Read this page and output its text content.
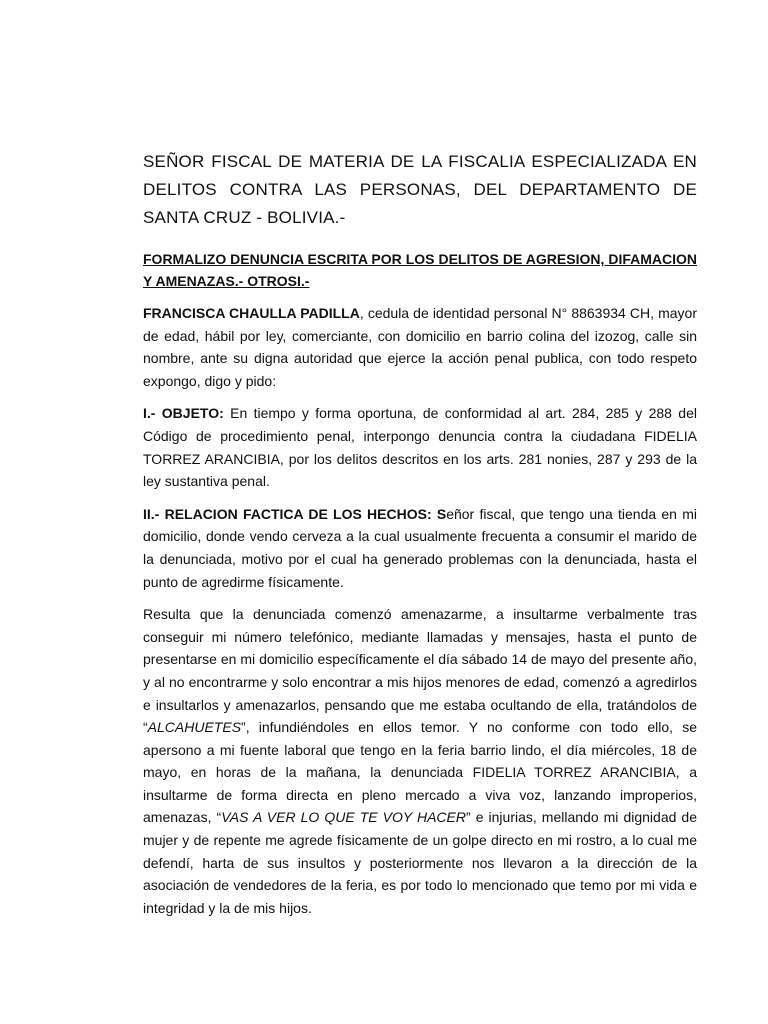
SEÑOR FISCAL DE MATERIA DE LA FISCALIA ESPECIALIZADA EN DELITOS CONTRA LAS PERSONAS, DEL DEPARTAMENTO DE SANTA CRUZ - BOLIVIA.-

FORMALIZO DENUNCIA ESCRITA POR LOS DELITOS DE AGRESION, DIFAMACION Y AMENAZAS.- OTROSI.-

FRANCISCA CHAULLA PADILLA, cedula de identidad personal N° 8863934 CH, mayor de edad, hábil por ley, comerciante, con domicilio en barrio colina del izozog, calle sin nombre, ante su digna autoridad que ejerce la acción penal publica, con todo respeto expongo, digo y pido:

I.- OBJETO: En tiempo y forma oportuna, de conformidad al art. 284, 285 y 288 del Código de procedimiento penal, interpongo denuncia contra la ciudadana FIDELIA TORREZ ARANCIBIA, por los delitos descritos en los arts. 281 nonies, 287 y 293 de la ley sustantiva penal.

II.- RELACION FACTICA DE LOS HECHOS: Señor fiscal, que tengo una tienda en mi domicilio, donde vendo cerveza a la cual usualmente frecuenta a consumir el marido de la denunciada, motivo por el cual ha generado problemas con la denunciada, hasta el punto de agredirme físicamente.

Resulta que la denunciada comenzó amenazarme, a insultarme verbalmente tras conseguir mi número telefónico, mediante llamadas y mensajes, hasta el punto de presentarse en mi domicilio específicamente el día sábado 14 de mayo del presente año, y al no encontrarme y solo encontrar a mis hijos menores de edad, comenzó a agredirlos e insultarlos y amenazarlos, pensando que me estaba ocultando de ella, tratándolos de “ALCAHUETES”, infundiéndoles en ellos temor. Y no conforme con todo ello, se apersono a mi fuente laboral que tengo en la feria barrio lindo, el día miércoles, 18 de mayo, en horas de la mañana, la denunciada FIDELIA TORREZ ARANCIBIA, a insultarme de forma directa en pleno mercado a viva voz, lanzando improperios, amenazas, “VAS A VER LO QUE TE VOY HACER” e injurias, mellando mi dignidad de mujer y de repente me agrede físicamente de un golpe directo en mi rostro, a lo cual me defendí, harta de sus insultos y posteriormente nos llevaron a la dirección de la asociación de vendedores de la feria, es por todo lo mencionado que temo por mi vida e integridad y la de mis hijos.
